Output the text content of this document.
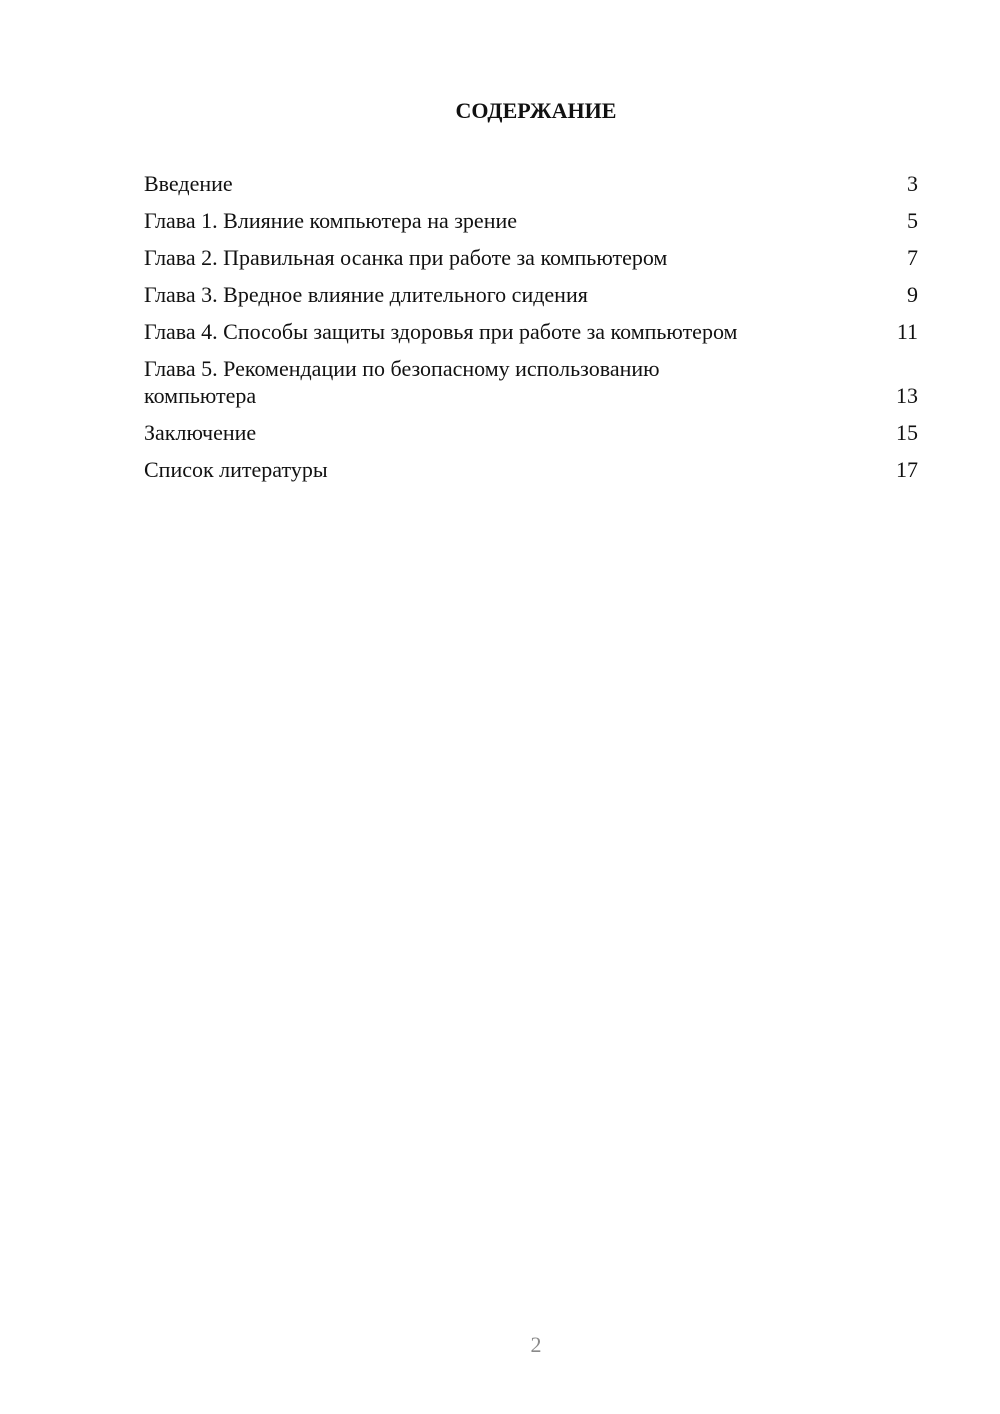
СОДЕРЖАНИЕ
Введение	3
Глава 1. Влияние компьютера на зрение	5
Глава 2. Правильная осанка при работе за компьютером	7
Глава 3. Вредное влияние длительного сидения	9
Глава 4. Способы защиты здоровья при работе за компьютером	11
Глава 5. Рекомендации по безопасному использованию компьютера	13
Заключение	15
Список литературы	17
2
